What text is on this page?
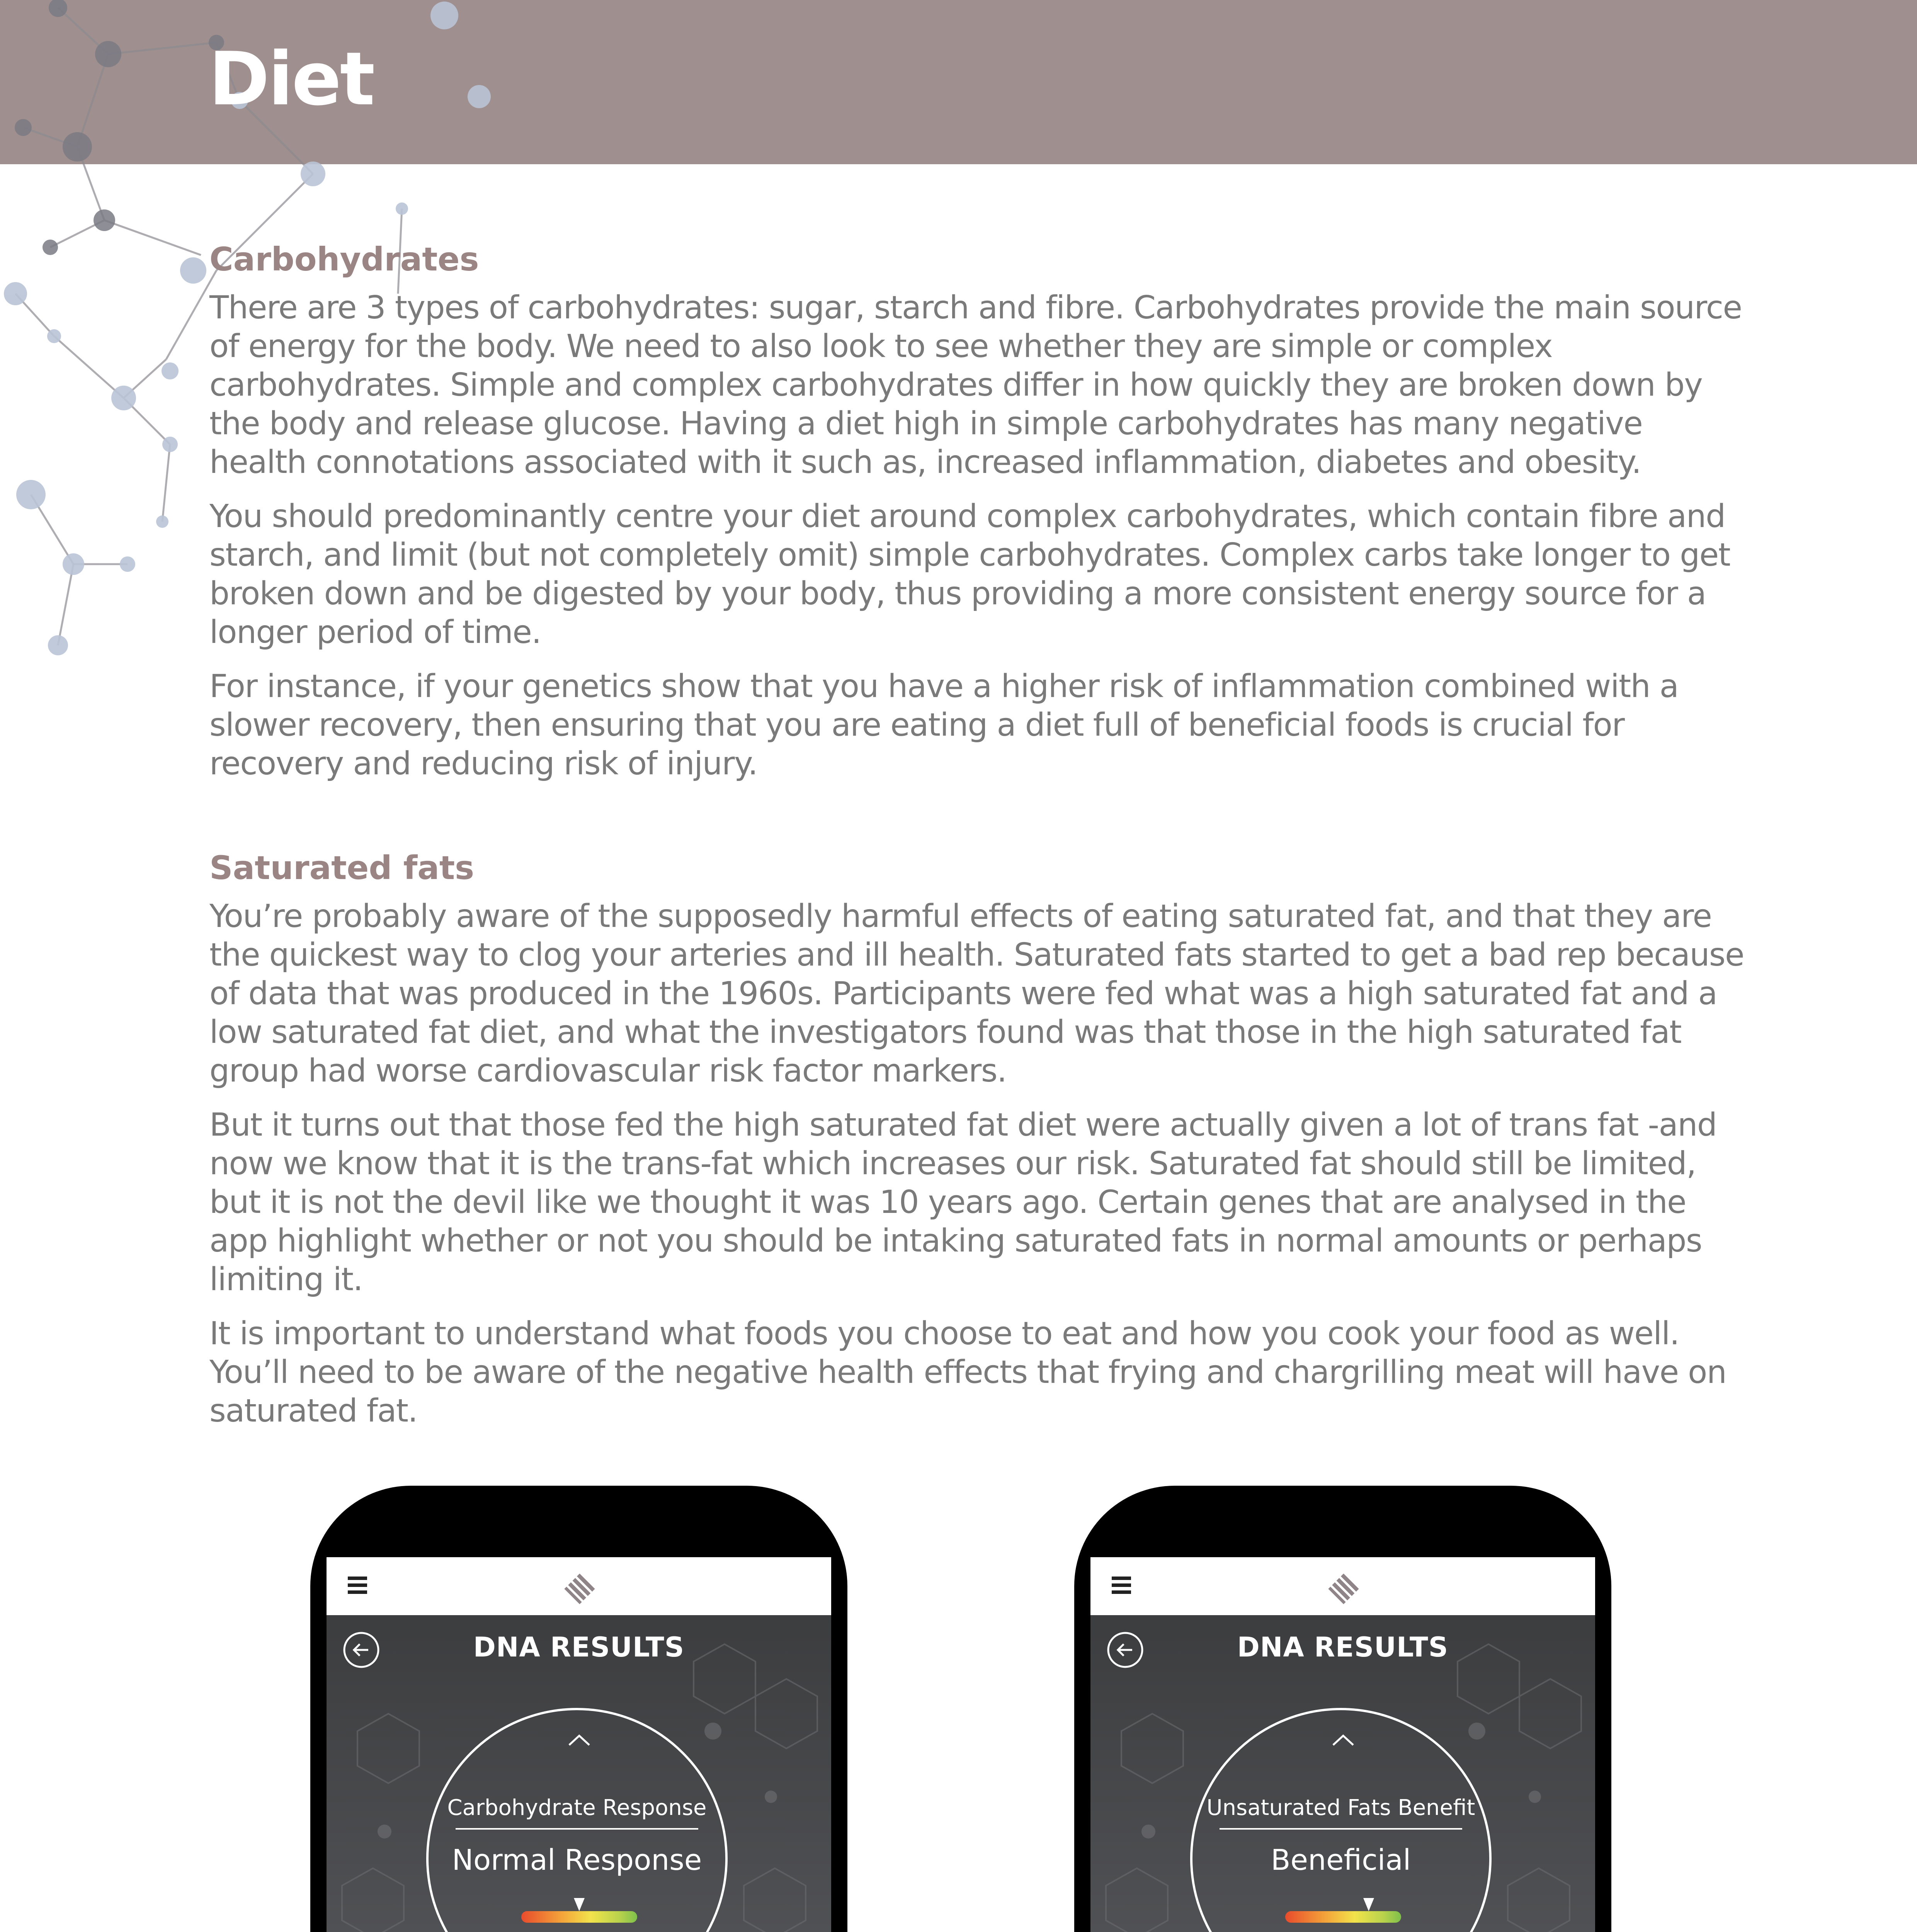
Diet
Carbohydrates

There are 3 types of carbohydrates: sugar, starch and fibre. Carbohydrates provide the main source of energy for the body. We need to also look to see whether they are simple or complex carbohydrates. Simple and complex carbohydrates differ in how quickly they are broken down by the body and release glucose. Having a diet high in simple carbohydrates has many negative health connotations associated with it such as, increased inflammation, diabetes and obesity.

You should predominantly centre your diet around complex carbohydrates, which contain fibre and starch, and limit (but not completely omit) simple carbohydrates. Complex carbs take longer to get broken down and be digested by your body, thus providing a more consistent energy source for a longer period of time.

For instance, if your genetics show that you have a higher risk of inflammation combined with a slower recovery, then ensuring that you are eating a diet full of beneficial foods is crucial for recovery and reducing risk of injury.

Saturated fats

You’re probably aware of the supposedly harmful effects of eating saturated fat, and that they are the quickest way to clog your arteries and ill health. Saturated fats started to get a bad rep because of data that was produced in the 1960s. Participants were fed what was a high saturated fat and a low saturated fat diet, and what the investigators found was that those in the high saturated fat group had worse cardiovascular risk factor markers.

But it turns out that those fed the high saturated fat diet were actually given a lot of trans fat -and now we know that it is the trans-fat which increases our risk. Saturated fat should still be limited, but it is not the devil like we thought it was 10 years ago. Certain genes that are analysed in the app highlight whether or not you should be intaking saturated fats in normal amounts or perhaps limiting it.

It is important to understand what foods you choose to eat and how you cook your food as well. You’ll need to be aware of the negative health effects that frying and chargrilling meat will have on saturated fat.

DNA RESULTS
Carbohydrate Response
Normal Response
DNA RESULTS
Unsaturated Fats Benefit
Beneficial
